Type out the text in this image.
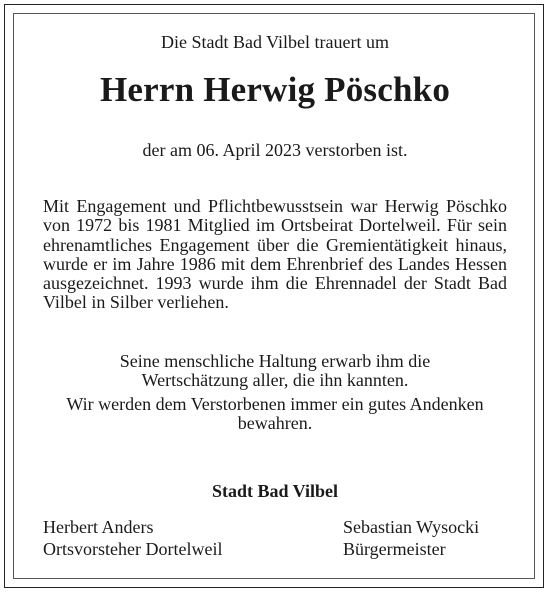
Die Stadt Bad Vilbel trauert um
Herrn Herwig Pöschko
der am 06. April 2023 verstorben ist.

Mit Engagement und Pflichtbewusstsein war Herwig Pöschko von 1972 bis 1981 Mitglied im Ortsbeirat Dortelweil. Für sein ehrenamtliches Engagement über die Gremientätigkeit hinaus, wurde er im Jahre 1986 mit dem Ehrenbrief des Landes Hessen ausgezeichnet. 1993 wurde ihm die Ehrennadel der Stadt Bad Vilbel in Silber verliehen.

Seine menschliche Haltung erwarb ihm die Wertschätzung aller, die ihn kannten.

Wir werden dem Verstorbenen immer ein gutes Andenken bewahren.

Stadt Bad Vilbel
Herbert Anders
Ortsvorsteher Dortelweil
Sebastian Wysocki
Bürgermeister
